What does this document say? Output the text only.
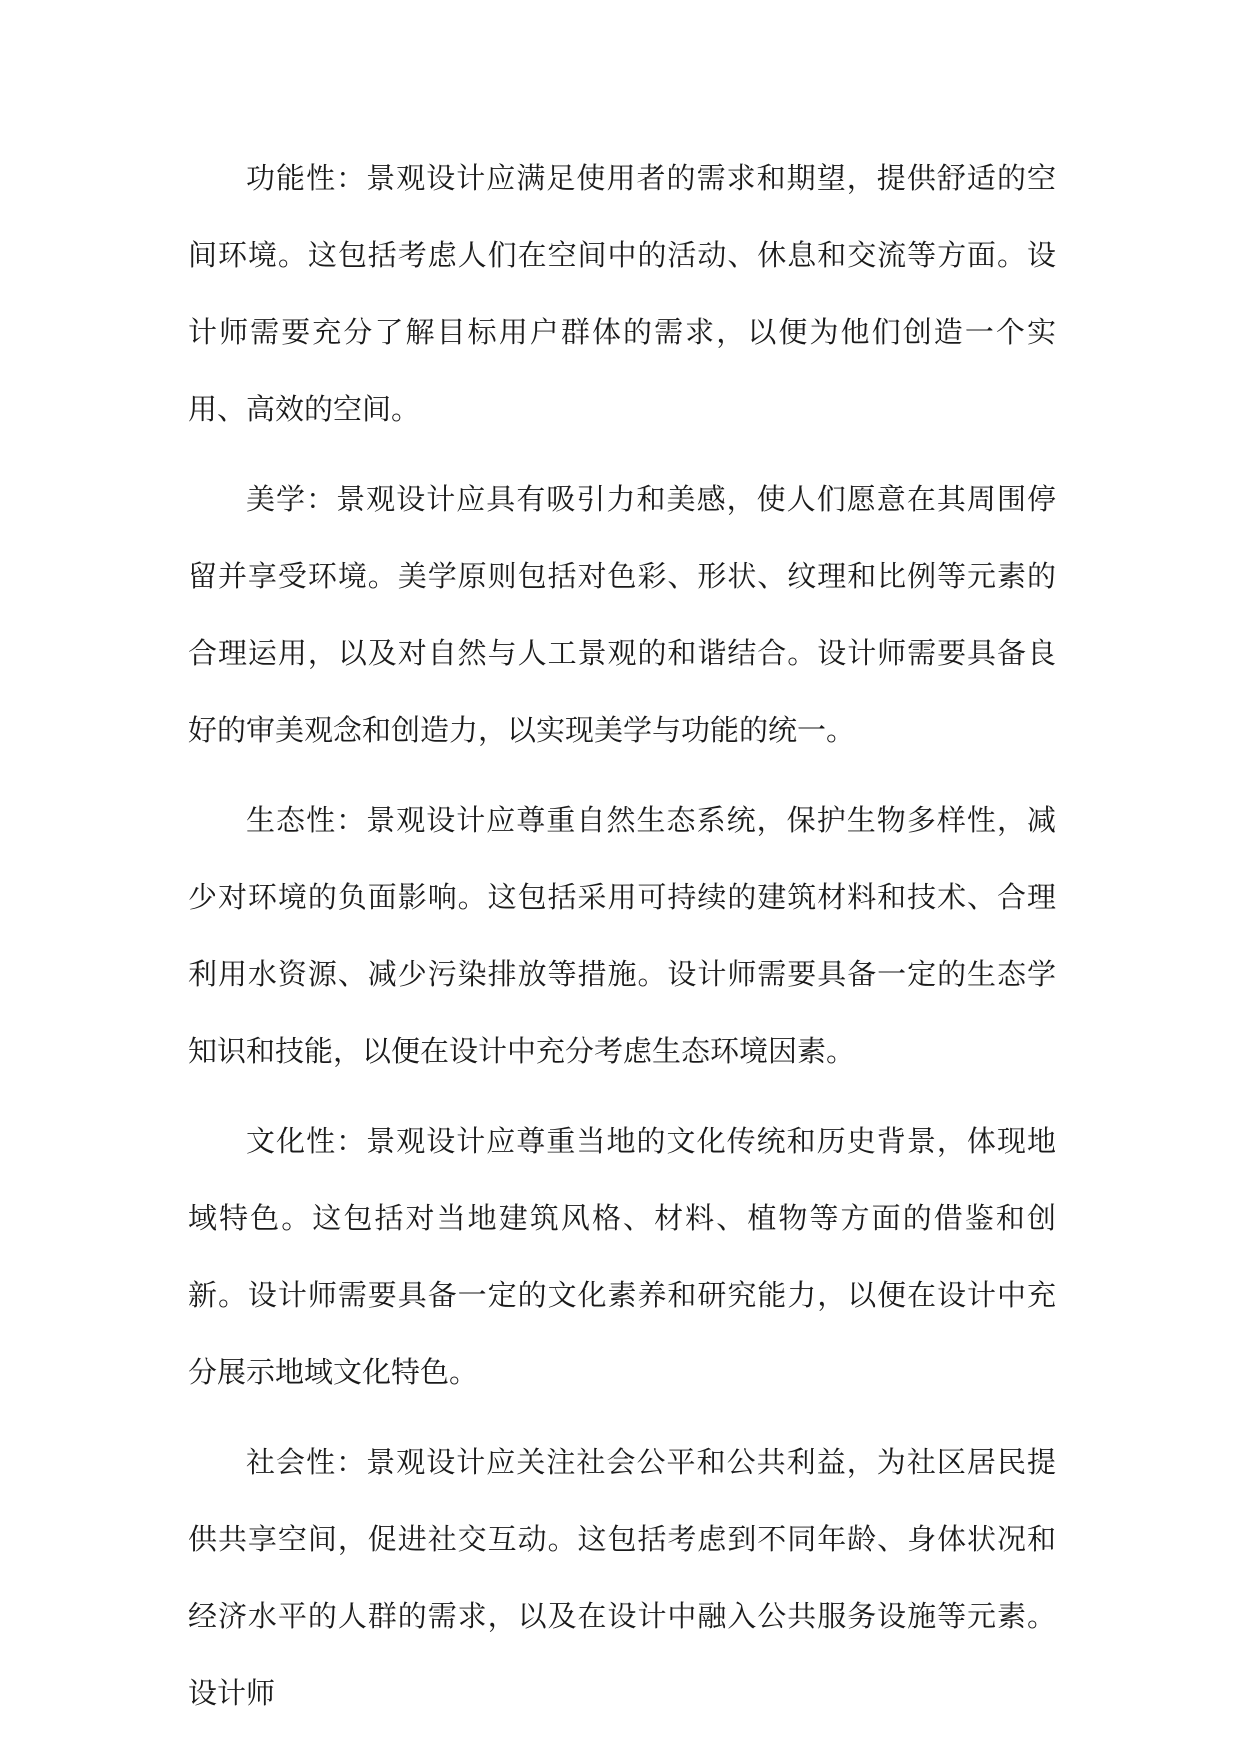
功能性：景观设计应满足使用者的需求和期望，提供舒适的空间环境。这包括考虑人们在空间中的活动、休息和交流等方面。设计师需要充分了解目标用户群体的需求，以便为他们创造一个实用、高效的空间。

美学：景观设计应具有吸引力和美感，使人们愿意在其周围停留并享受环境。美学原则包括对色彩、形状、纹理和比例等元素的合理运用，以及对自然与人工景观的和谐结合。设计师需要具备良好的审美观念和创造力，以实现美学与功能的统一。

生态性：景观设计应尊重自然生态系统，保护生物多样性，减少对环境的负面影响。这包括采用可持续的建筑材料和技术、合理利用水资源、减少污染排放等措施。设计师需要具备一定的生态学知识和技能，以便在设计中充分考虑生态环境因素。

文化性：景观设计应尊重当地的文化传统和历史背景，体现地域特色。这包括对当地建筑风格、材料、植物等方面的借鉴和创新。设计师需要具备一定的文化素养和研究能力，以便在设计中充分展示地域文化特色。

社会性：景观设计应关注社会公平和公共利益，为社区居民提供共享空间，促进社交互动。这包括考虑到不同年龄、身体状况和经济水平的人群的需求，以及在设计中融入公共服务设施等元素。设计师
